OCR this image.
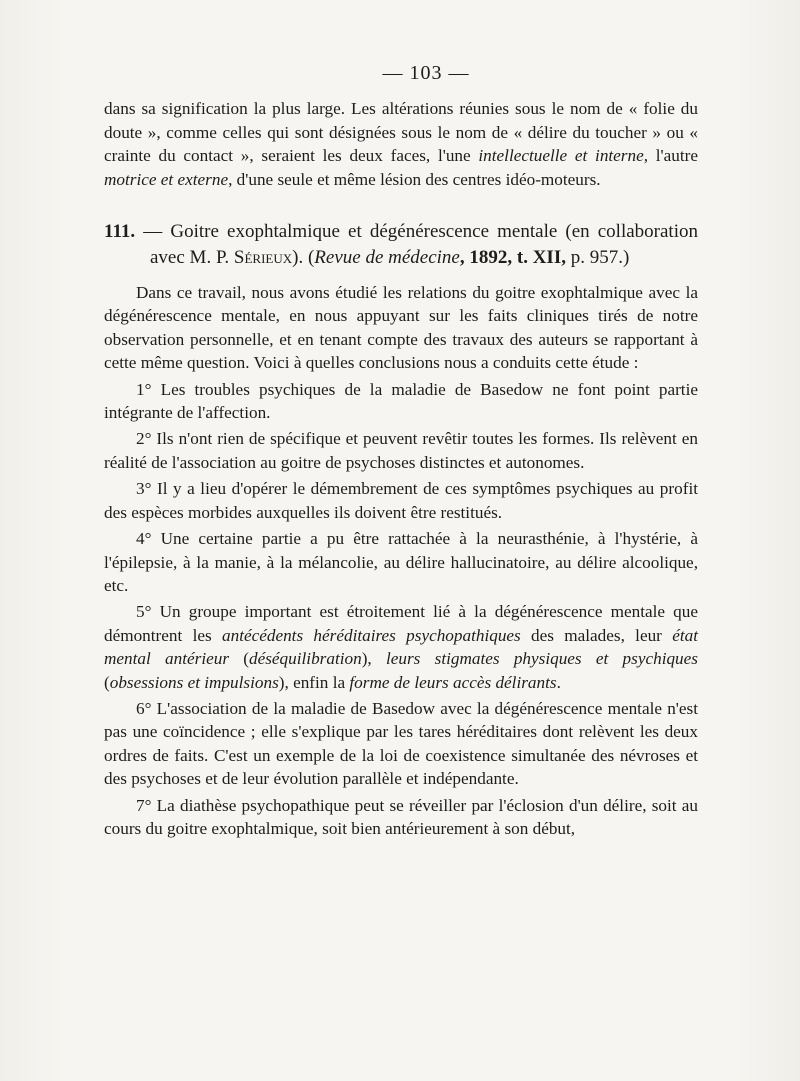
— 103 —

dans sa signification la plus large. Les altérations réunies sous le nom de « folie du doute », comme celles qui sont désignées sous le nom de « délire du toucher » ou « crainte du contact », seraient les deux faces, l'une intellectuelle et interne, l'autre motrice et externe, d'une seule et même lésion des centres idéo-moteurs.

111. — Goitre exophtalmique et dégénérescence mentale (en collaboration avec M. P. Sérieux). (Revue de médecine, 1892, t. XII, p. 957.)

Dans ce travail, nous avons étudié les relations du goitre exophtalmique avec la dégénérescence mentale, en nous appuyant sur les faits cliniques tirés de notre observation personnelle, et en tenant compte des travaux des auteurs se rapportant à cette même question. Voici à quelles conclusions nous a conduits cette étude :

1° Les troubles psychiques de la maladie de Basedow ne font point partie intégrante de l'affection.

2° Ils n'ont rien de spécifique et peuvent revêtir toutes les formes. Ils relèvent en réalité de l'association au goitre de psychoses distinctes et autonomes.

3° Il y a lieu d'opérer le démembrement de ces symptômes psychiques au profit des espèces morbides auxquelles ils doivent être restitués.

4° Une certaine partie a pu être rattachée à la neurasthénie, à l'hystérie, à l'épilepsie, à la manie, à la mélancolie, au délire hallucinatoire, au délire alcoolique, etc.

5° Un groupe important est étroitement lié à la dégénérescence mentale que démontrent les antécédents héréditaires psychopathiques des malades, leur état mental antérieur (déséquilibration), leurs stigmates physiques et psychiques (obsessions et impulsions), enfin la forme de leurs accès délirants.

6° L'association de la maladie de Basedow avec la dégénérescence mentale n'est pas une coïncidence ; elle s'explique par les tares héréditaires dont relèvent les deux ordres de faits. C'est un exemple de la loi de coexistence simultanée des névroses et des psychoses et de leur évolution parallèle et indépendante.

7° La diathèse psychopathique peut se réveiller par l'éclosion d'un délire, soit au cours du goitre exophtalmique, soit bien antérieurement à son début,
